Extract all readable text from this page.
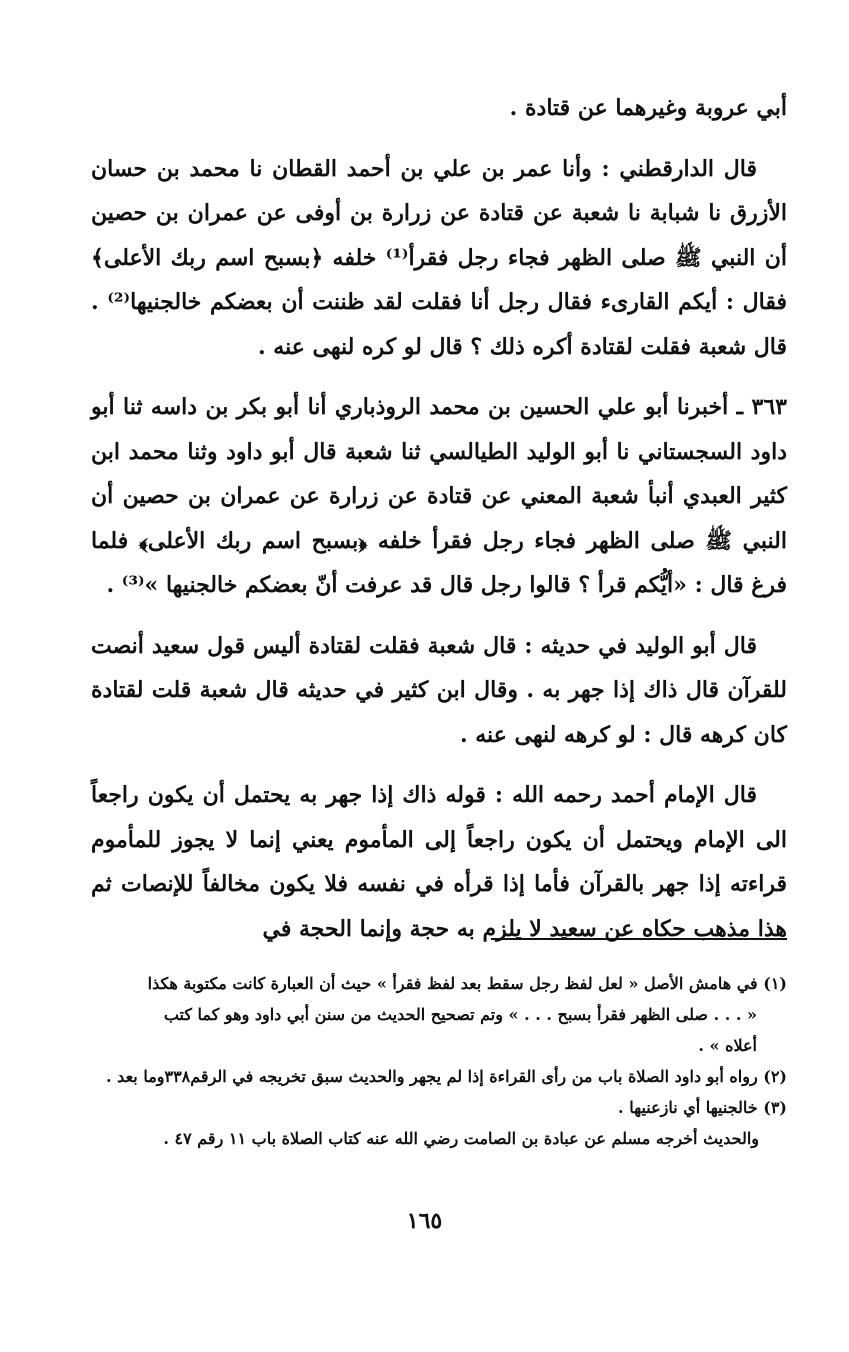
أبي عروبة وغيرهما عن قتادة .

قال الدارقطني : وأنا عمر بن علي بن أحمد القطان نا محمد بن حسان الأزرق نا شبابة نا شعبة عن قتادة عن زرارة بن أوفى عن عمران بن حصين أن النبي ﷺ صلى الظهر فجاء رجل فقرأ⁽¹⁾ خلفه ﴿بسبح اسم ربك الأعلى﴾ فقال : أيكم القارىء فقال رجل أنا فقلت لقد ظننت أن بعضكم خالجنيها⁽²⁾ . قال شعبة فقلت لقتادة أكره ذلك ؟ قال لو كره لنهى عنه .

٣٦٣ ـ أخبرنا أبو علي الحسين بن محمد الروذباري أنا أبو بكر بن داسه ثنا أبو داود السجستاني نا أبو الوليد الطيالسي ثنا شعبة قال أبو داود وثنا محمد ابن كثير العبدي أنبأ شعبة المعني عن قتادة عن زرارة عن عمران بن حصين أن النبي ﷺ صلى الظهر فجاء رجل فقرأ خلفه ﴿بسبح اسم ربك الأعلى﴾ فلما فرغ قال : «أيُّكم قرأ ؟ قالوا رجل قال قد عرفت أنّ بعضكم خالجنيها »⁽³⁾ .

قال أبو الوليد في حديثه : قال شعبة فقلت لقتادة أليس قول سعيد أنصت للقرآن قال ذاك إذا جهر به . وقال ابن كثير في حديثه قال شعبة قلت لقتادة كان كرهه قال : لو كرهه لنهى عنه .

قال الإمام أحمد رحمه الله : قوله ذاك إذا جهر به يحتمل أن يكون راجعاً الى الإمام ويحتمل أن يكون راجعاً إلى المأموم يعني إنما لا يجوز للمأموم قراءته إذا جهر بالقرآن فأما إذا قرأه في نفسه فلا يكون مخالفاً للإنصات ثم هذا مذهب حكاه عن سعيد لا يلزم به حجة وإنما الحجة في

(١) في هامش الأصل « لعل لفظ رجل سقط بعد لفظ فقرأ » حيث أن العبارة كانت مكتوبة هكذا

« . . . صلى الظهر فقرأ بسبح . . . » وتم تصحيح الحديث من سنن أبي داود وهو كما كتب

أعلاه » .

(٢) رواه أبو داود الصلاة باب من رأى القراءة إذا لم يجهر والحديث سبق تخريجه في الرقم٣٣٨وما بعد .

(٣) خالجنيها أي نازعنيها .

والحديث أخرجه مسلم عن عبادة بن الصامت رضي الله عنه كتاب الصلاة باب ١١ رقم ٤٧ .

١٦٥
